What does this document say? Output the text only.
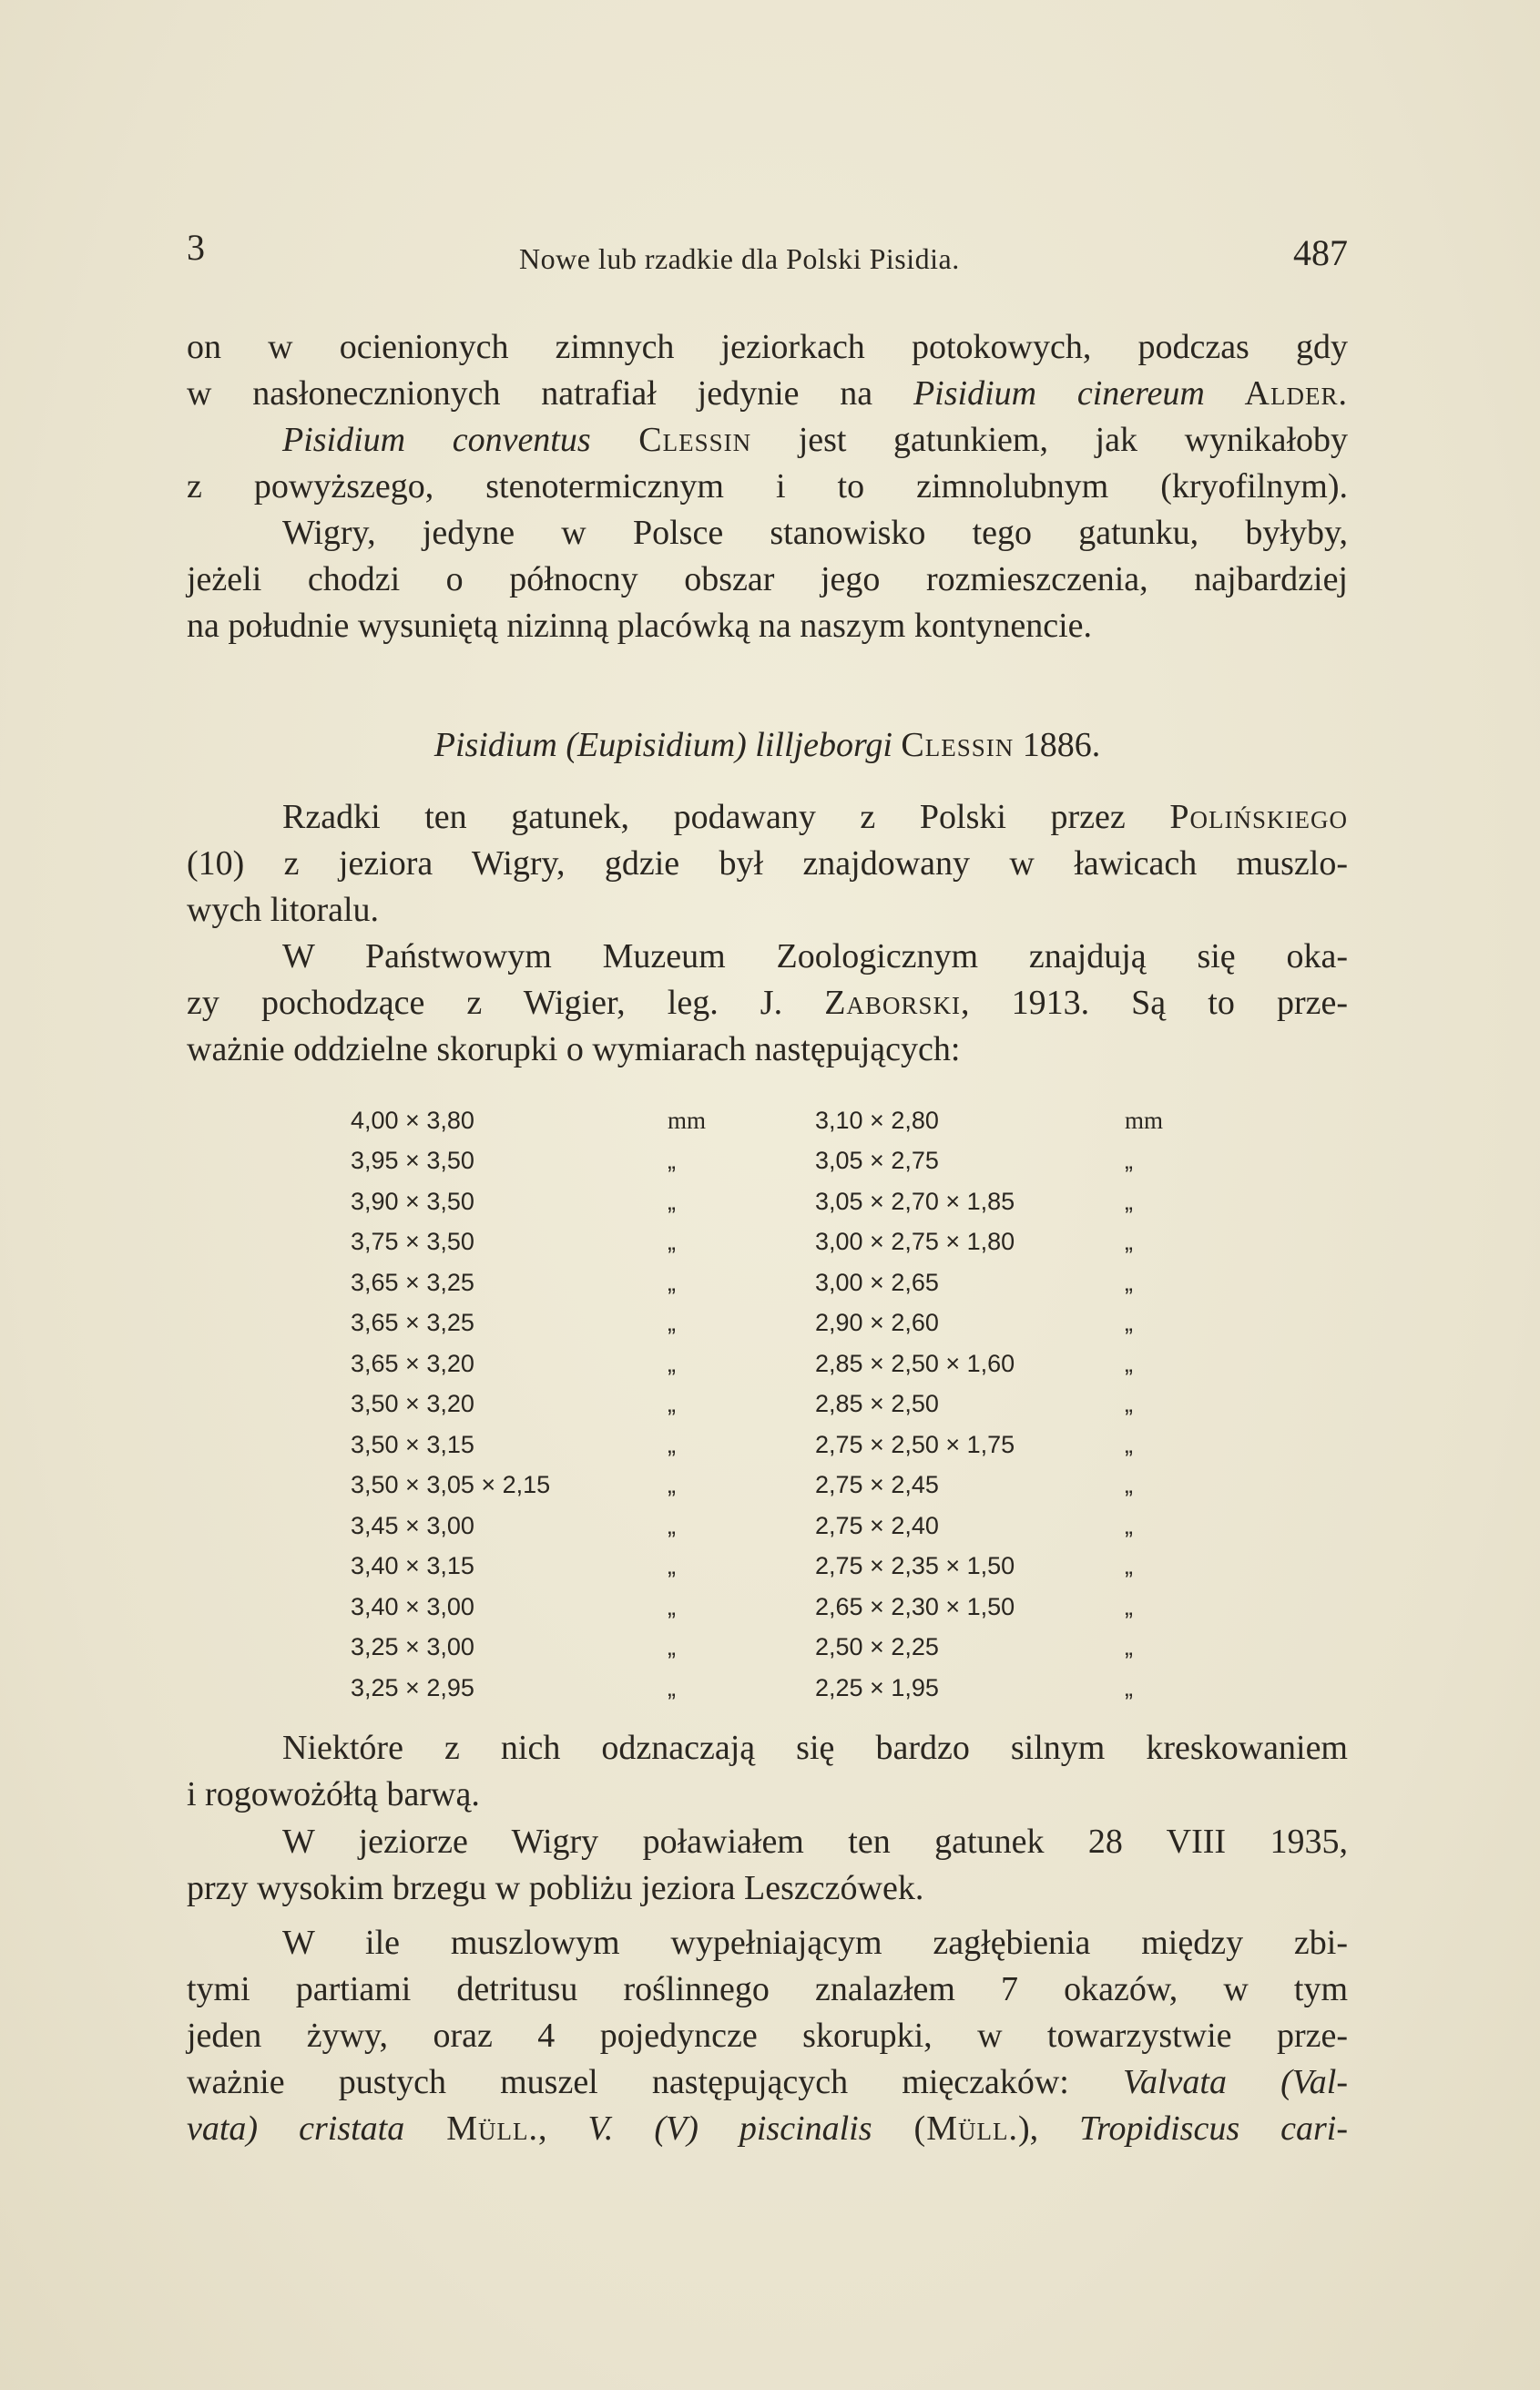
3	Nowe lub rzadkie dla Polski Pisidia.	487
on w ocienionych zimnych jeziorkach potokowych, podczas gdy
w nasłonecznionych natrafiał jedynie na Pisidium cinereum Alder.
Pisidium conventus Clessin jest gatunkiem, jak wynikałoby
z powyższego, stenotermicznym i to zimnolubnym (kryofilnym).
Wigry, jedyne w Polsce stanowisko tego gatunku, byłyby,
jeżeli chodzi o północny obszar jego rozmieszczenia, najbardziej
na południe wysuniętą nizinną placówką na naszym kontynencie.
Pisidium (Eupisidium) lilljeborgi Clessin 1886.
Rzadki ten gatunek, podawany z Polski przez Polińskiego
(10) z jeziora Wigry, gdzie był znajdowany w ławicach muszlo-
wych litoralu.
W Państwowym Muzeum Zoologicznym znajdują się oka-
zy pochodzące z Wigier, leg. J. Zaborski, 1913. Są to prze-
ważnie oddzielne skorupki o wymiarach następujących:
4,00 × 3,80	mm	3,10 × 2,80	mm
3,95 × 3,50	„	3,05 × 2,75	„
3,90 × 3,50	„	3,05 × 2,70 × 1,85	„
3,75 × 3,50	„	3,00 × 2,75 × 1,80	„
3,65 × 3,25	„	3,00 × 2,65	„
3,65 × 3,25	„	2,90 × 2,60	„
3,65 × 3,20	„	2,85 × 2,50 × 1,60	„
3,50 × 3,20	„	2,85 × 2,50	„
3,50 × 3,15	„	2,75 × 2,50 × 1,75	„
3,50 × 3,05 × 2,15	„	2,75 × 2,45	„
3,45 × 3,00	„	2,75 × 2,40	„
3,40 × 3,15	„	2,75 × 2,35 × 1,50	„
3,40 × 3,00	„	2,65 × 2,30 × 1,50	„
3,25 × 3,00	„	2,50 × 2,25	„
3,25 × 2,95	„	2,25 × 1,95	„
Niektóre z nich odznaczają się bardzo silnym kreskowaniem
i rogowożółtą barwą.
W jeziorze Wigry poławiałem ten gatunek 28 VIII 1935,
przy wysokim brzegu w pobliżu jeziora Leszczówek.
W ile muszlowym wypełniającym zagłębienia między zbi-
tymi partiami detritusu roślinnego znalazłem 7 okazów, w tym
jeden żywy, oraz 4 pojedyncze skorupki, w towarzystwie prze-
ważnie pustych muszel następujących mięczaków: Valvata (Val-
vata) cristata Müll., V. (V) piscinalis (Müll.), Tropidiscus cari-
